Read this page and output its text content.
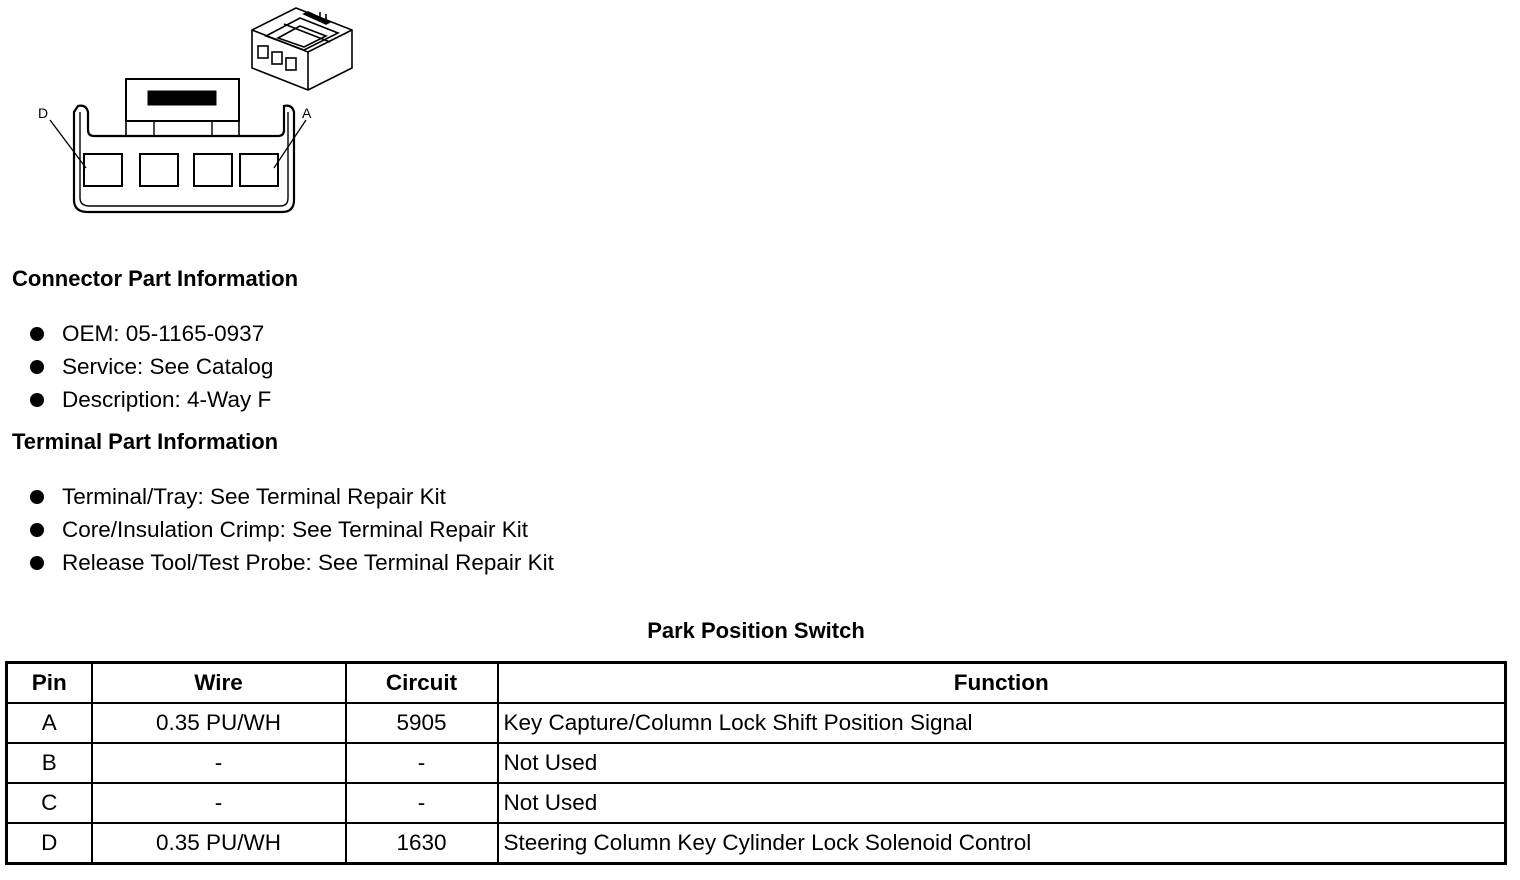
D	A
Connector Part Information
OEM: 05-1165-0937
Service: See Catalog
Description: 4-Way F
Terminal Part Information
Terminal/Tray: See Terminal Repair Kit
Core/Insulation Crimp: See Terminal Repair Kit
Release Tool/Test Probe: See Terminal Repair Kit
Park Position Switch
Pin	Wire	Circuit	Function
A	0.35 PU/WH	5905	Key Capture/Column Lock Shift Position Signal
B	-	-	Not Used
C	-	-	Not Used
D	0.35 PU/WH	1630	Steering Column Key Cylinder Lock Solenoid Control
